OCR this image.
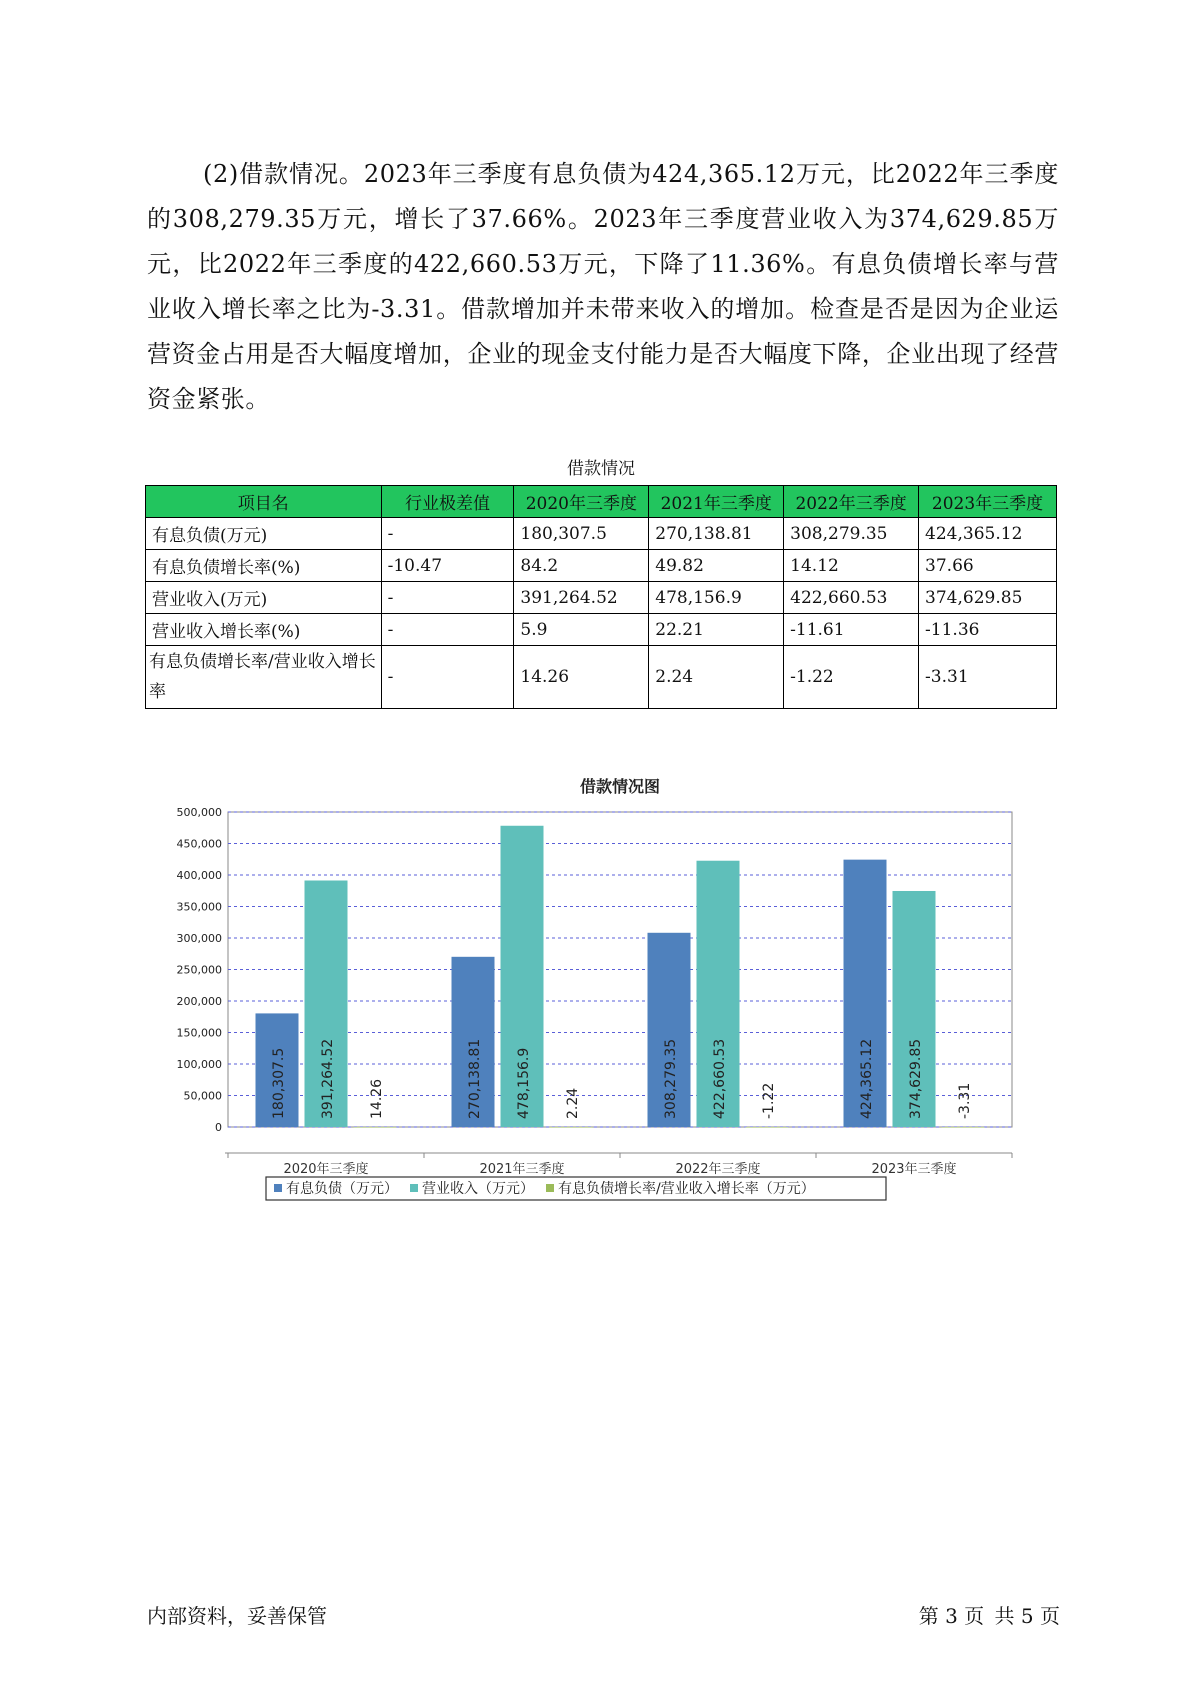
(2)借款情况。2023年三季度有息负债为424,365.12万元，比2022年三季度的308,279.35万元，增长了37.66%。2023年三季度营业收入为374,629.85万元，比2022年三季度的422,660.53万元，下降了11.36%。有息负债增长率与营业收入增长率之比为-3.31。借款增加并未带来收入的增加。检查是否是因为企业运营资金占用是否大幅度增加，企业的现金支付能力是否大幅度下降，企业出现了经营资金紧张。

借款情况
项目名	行业极差值	2020年三季度	2021年三季度	2022年三季度	2023年三季度
有息负债(万元)	-	180,307.5	270,138.81	308,279.35	424,365.12
有息负债增长率(%)	-10.47	84.2	49.82	14.12	37.66
营业收入(万元)	-	391,264.52	478,156.9	422,660.53	374,629.85
营业收入增长率(%)	-	5.9	22.21	-11.61	-11.36
有息负债增长率/营业收入增长率	-	14.26	2.24	-1.22	-3.31
借款情况图
500,000
450,000
400,000
350,000
300,000
250,000
200,000
150,000
100,000
50,000
0
180,307.5 391,264.52 14.26	270,138.81 478,156.9 2.24	308,279.35 422,660.53 -1.22	424,365.12 374,629.85 -3.31
2020年三季度	2021年三季度	2022年三季度	2023年三季度
有息负债（万元） 营业收入（万元） 有息负债增长率/营业收入增长率（万元）
内部资料，妥善保管	第 3 页 共 5 页
